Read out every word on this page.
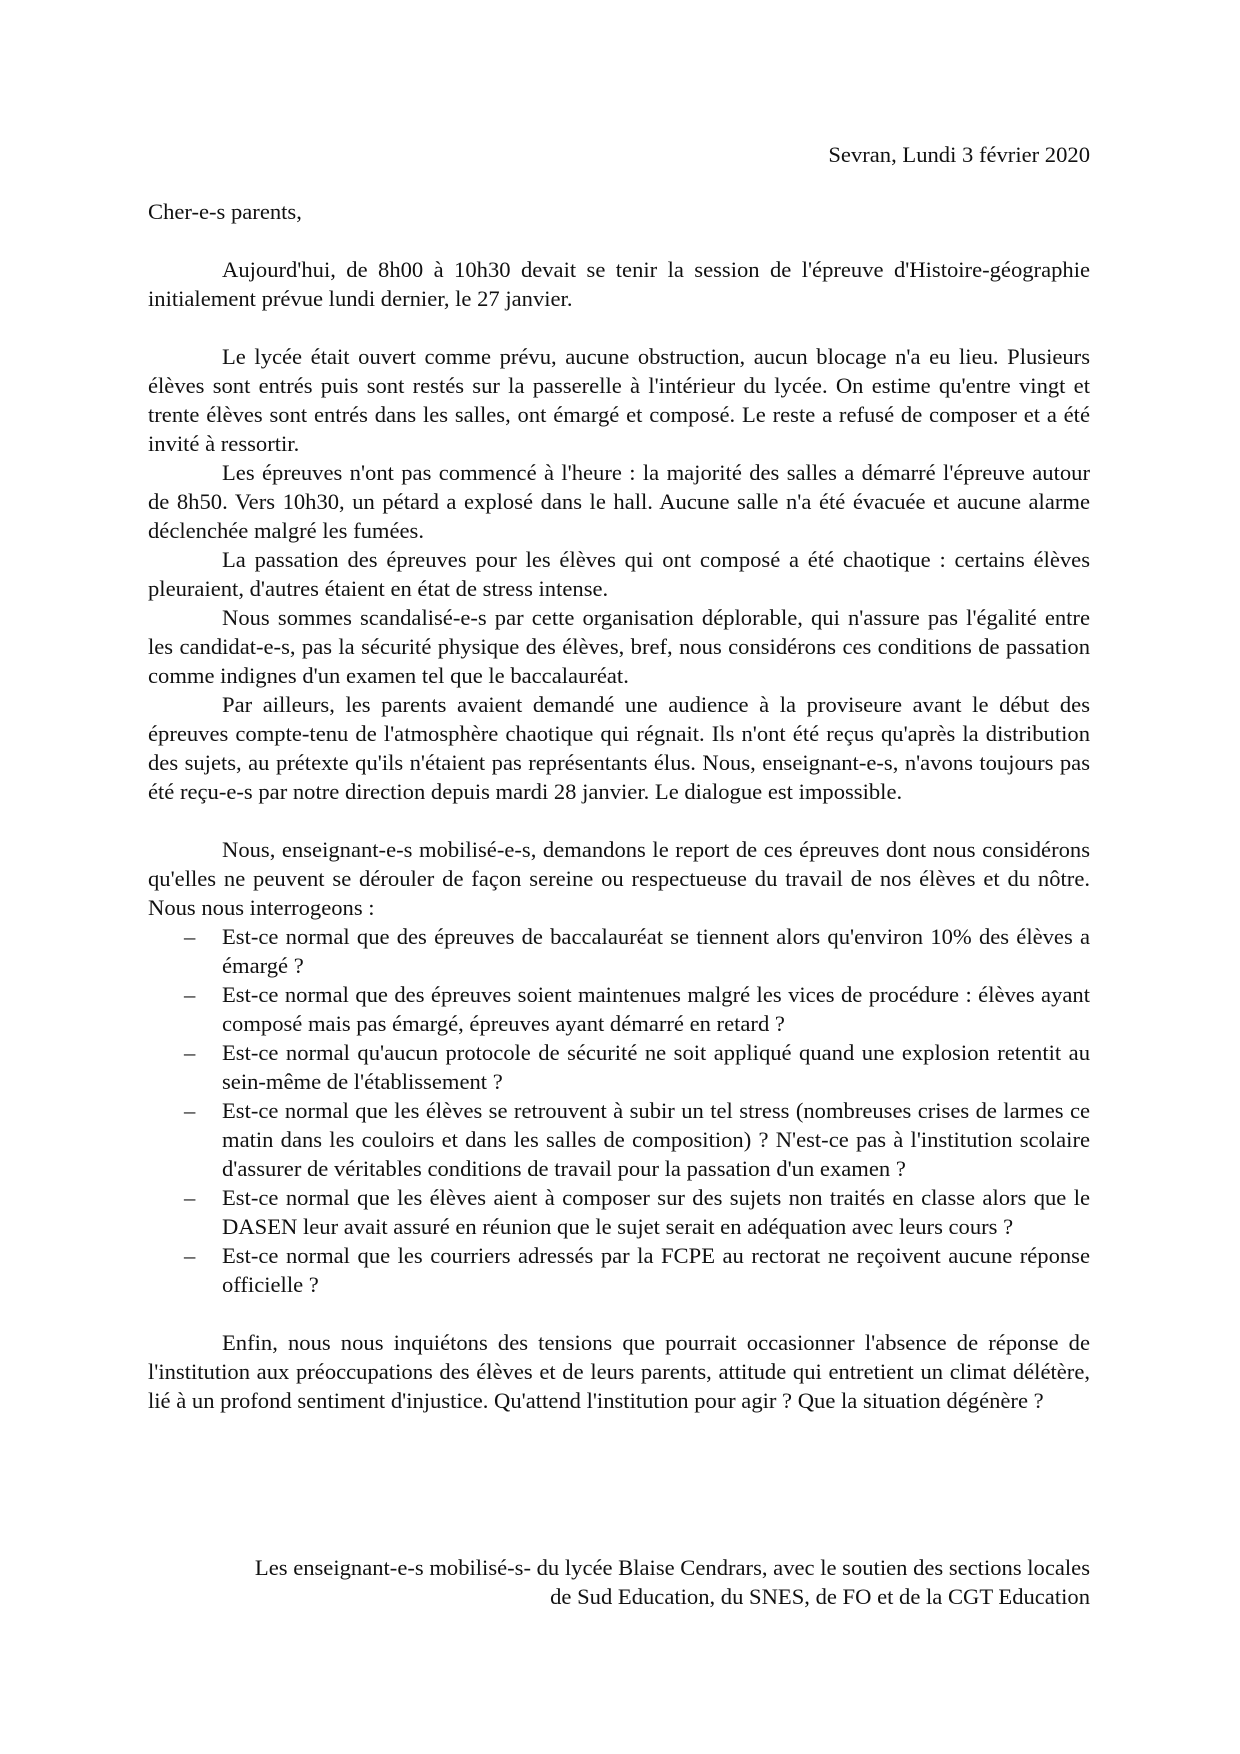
Sevran, Lundi 3 février 2020
Cher-e-s parents,

Aujourd'hui, de 8h00 à 10h30 devait se tenir la session de l'épreuve d'Histoire-géographie initialement prévue lundi dernier, le 27 janvier.

Le lycée était ouvert comme prévu, aucune obstruction, aucun blocage n'a eu lieu. Plusieurs élèves sont entrés puis sont restés sur la passerelle à l'intérieur du lycée. On estime qu'entre vingt et trente élèves sont entrés dans les salles, ont émargé et composé. Le reste a refusé de composer et a été invité à ressortir.

Les épreuves n'ont pas commencé à l'heure : la majorité des salles a démarré l'épreuve autour de 8h50. Vers 10h30, un pétard a explosé dans le hall. Aucune salle n'a été évacuée et aucune alarme déclenchée malgré les fumées.

La passation des épreuves pour les élèves qui ont composé a été chaotique : certains élèves pleuraient, d'autres étaient en état de stress intense.

Nous sommes scandalisé-e-s par cette organisation déplorable, qui n'assure pas l'égalité entre les candidat-e-s, pas la sécurité physique des élèves, bref, nous considérons ces conditions de passation comme indignes d'un examen tel que le baccalauréat.

Par ailleurs, les parents avaient demandé une audience à la proviseure avant le début des épreuves compte-tenu de l'atmosphère chaotique qui régnait. Ils n'ont été reçus qu'après la distribution des sujets, au prétexte qu'ils n'étaient pas représentants élus. Nous, enseignant-e-s, n'avons toujours pas été reçu-e-s par notre direction depuis mardi 28 janvier. Le dialogue est impossible.

Nous, enseignant-e-s mobilisé-e-s, demandons le report de ces épreuves dont nous considérons qu'elles ne peuvent se dérouler de façon sereine ou respectueuse du travail de nos élèves et du nôtre. Nous nous interrogeons :

– Est-ce normal que des épreuves de baccalauréat se tiennent alors qu'environ 10% des élèves a émargé ?
– Est-ce normal que des épreuves soient maintenues malgré les vices de procédure : élèves ayant composé mais pas émargé, épreuves ayant démarré en retard ?
– Est-ce normal qu'aucun protocole de sécurité ne soit appliqué quand une explosion retentit au sein-même de l'établissement ?
– Est-ce normal que les élèves se retrouvent à subir un tel stress (nombreuses crises de larmes ce matin dans les couloirs et dans les salles de composition) ? N'est-ce pas à l'institution scolaire d'assurer de véritables conditions de travail pour la passation d'un examen ?
– Est-ce normal que les élèves aient à composer sur des sujets non traités en classe alors que le DASEN leur avait assuré en réunion que le sujet serait en adéquation avec leurs cours ?
– Est-ce normal que les courriers adressés par la FCPE au rectorat ne reçoivent aucune réponse officielle ?

Enfin, nous nous inquiétons des tensions que pourrait occasionner l'absence de réponse de l'institution aux préoccupations des élèves et de leurs parents, attitude qui entretient un climat délétère, lié à un profond sentiment d'injustice. Qu'attend l'institution pour agir ? Que la situation dégénère ?

Les enseignant-e-s mobilisé-s- du lycée Blaise Cendrars, avec le soutien des sections locales
de Sud Education, du SNES, de FO et de la CGT Education
